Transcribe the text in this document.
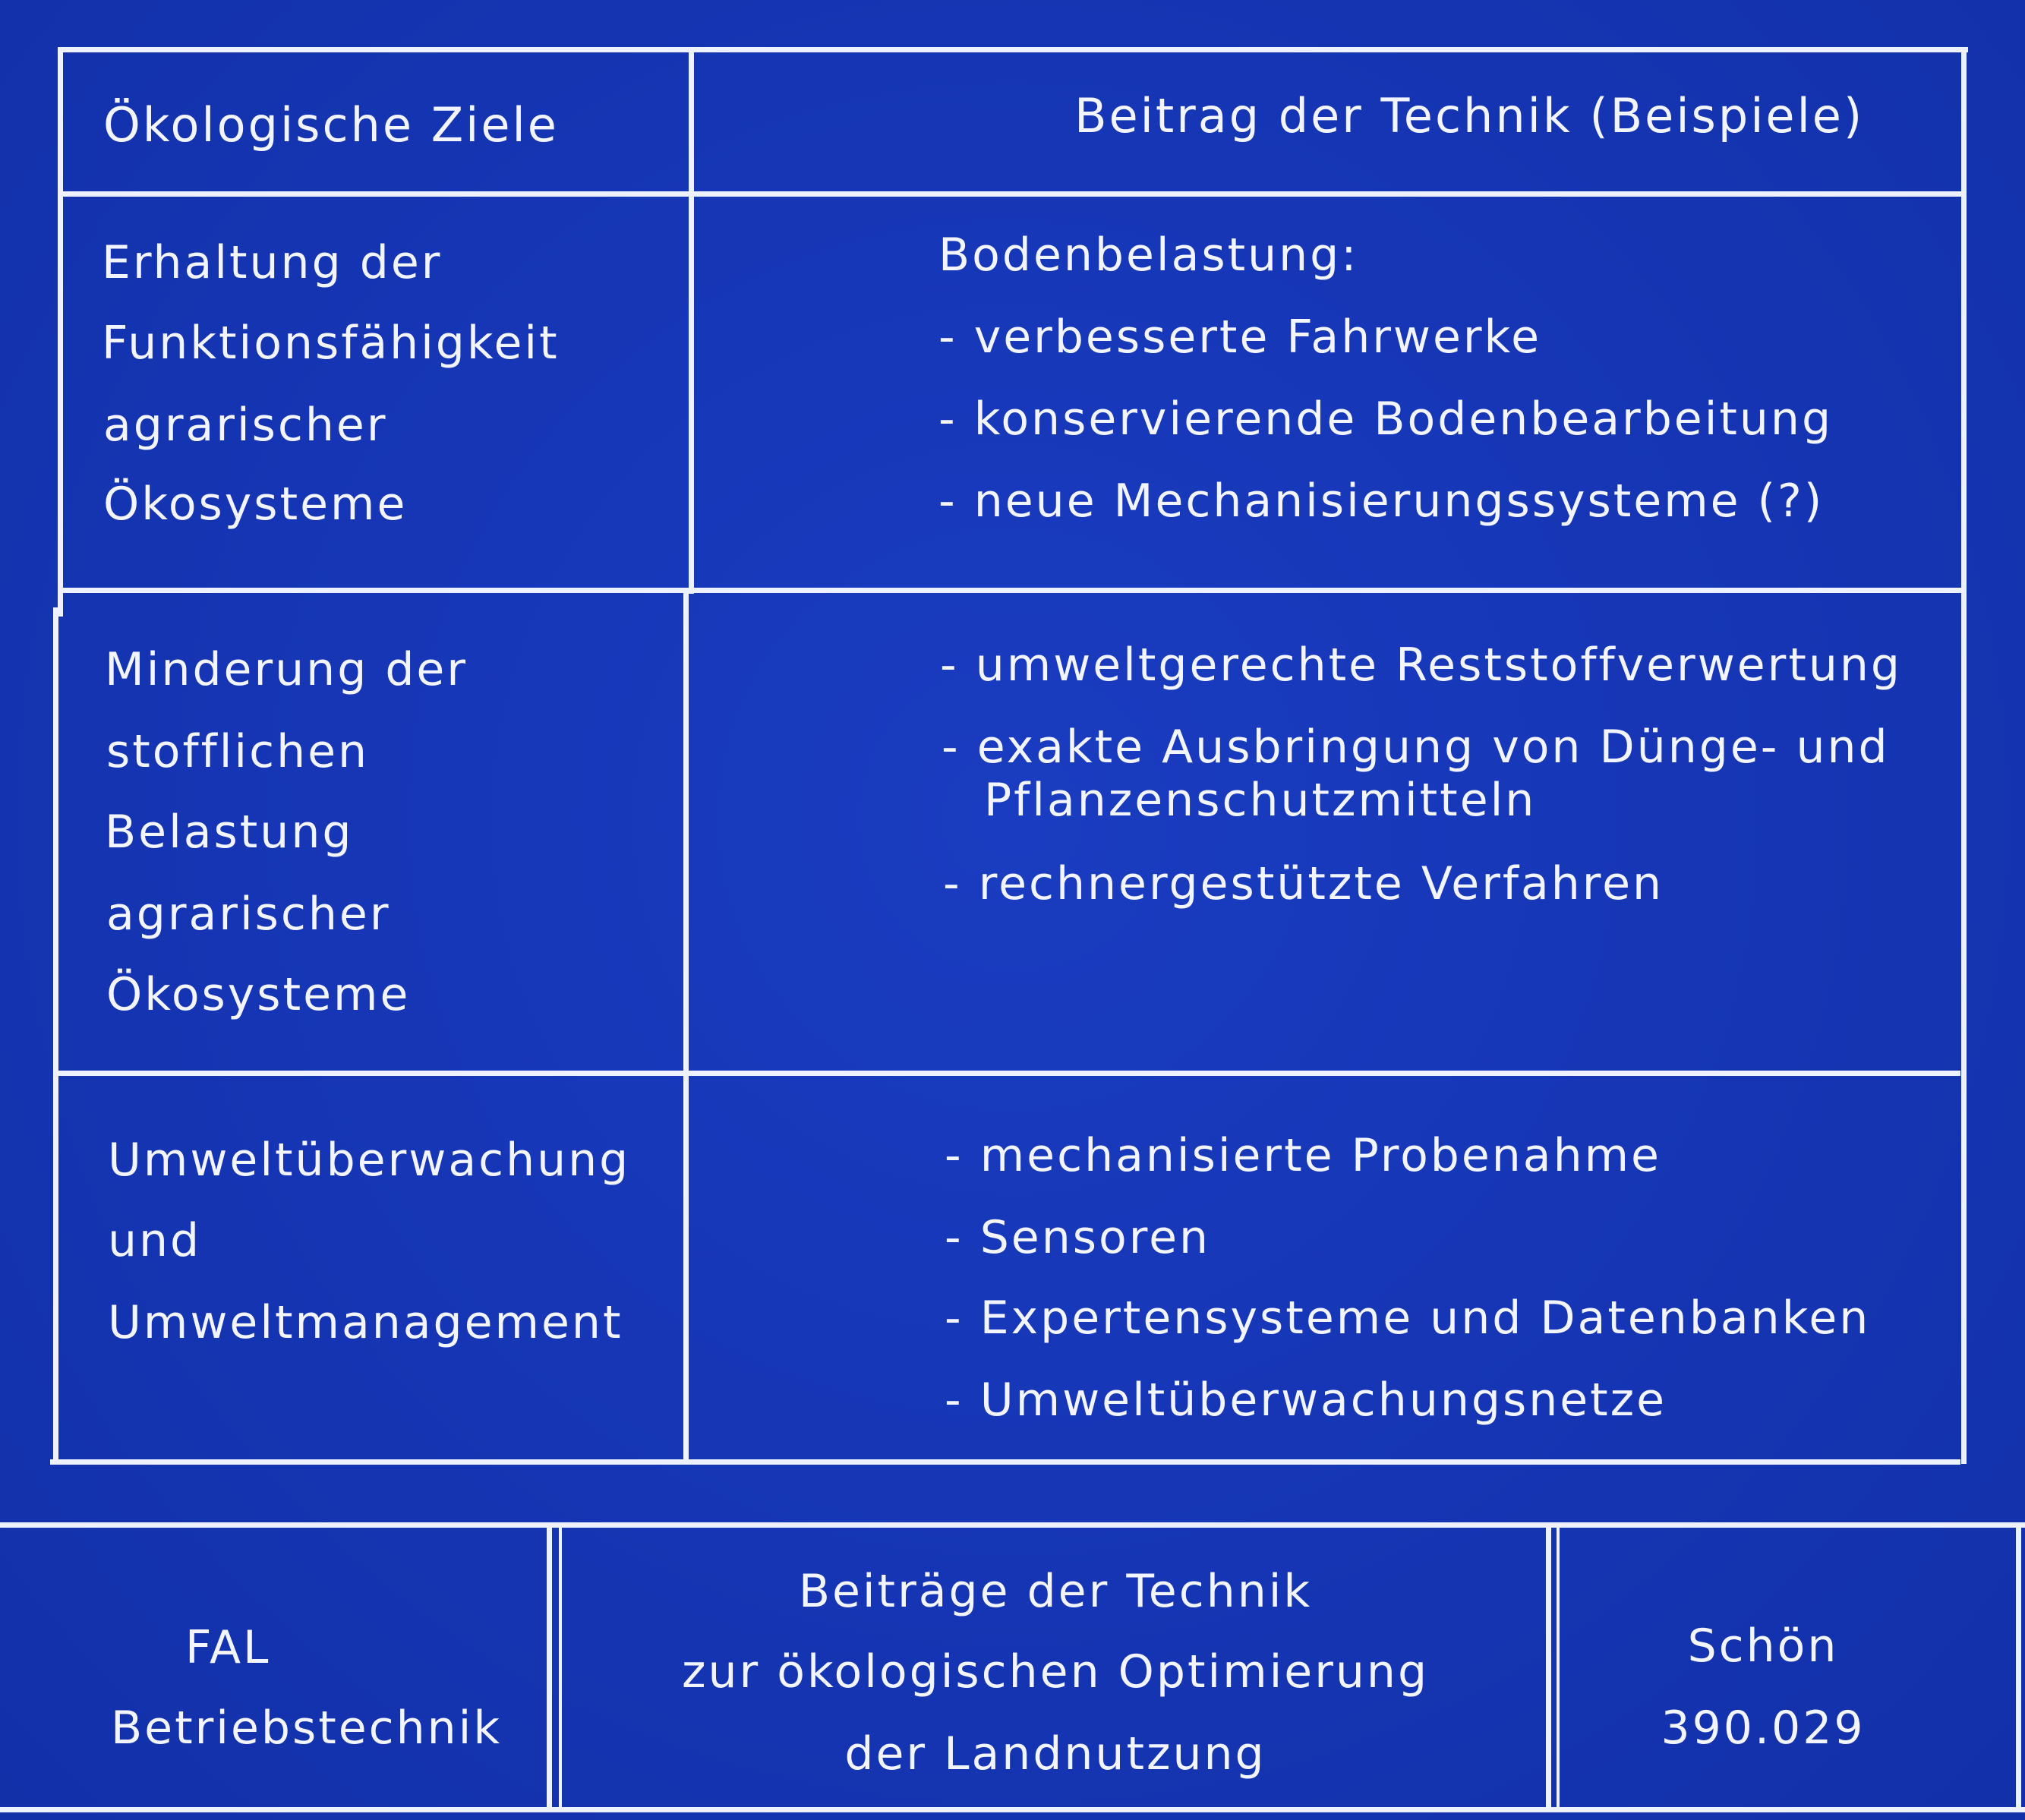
Ökologische Ziele	Beitrag der Technik (Beispiele)
Erhaltung der
Funktionsfähigkeit
agrarischer
Ökosysteme
Bodenbelastung:
- verbesserte Fahrwerke
- konservierende Bodenbearbeitung
- neue Mechanisierungssysteme (?)
Minderung der
stofflichen
Belastung
agrarischer
Ökosysteme
- umweltgerechte Reststoffverwertung
- exakte Ausbringung von Dünge- und
Pflanzenschutzmitteln
- rechnergestützte Verfahren
Umweltüberwachung
und
Umweltmanagement
- mechanisierte Probenahme
- Sensoren
- Expertensysteme und Datenbanken
- Umweltüberwachungsnetze
FAL
Betriebstechnik
Beiträge der Technik
zur ökologischen Optimierung
der Landnutzung
Schön
390.029
